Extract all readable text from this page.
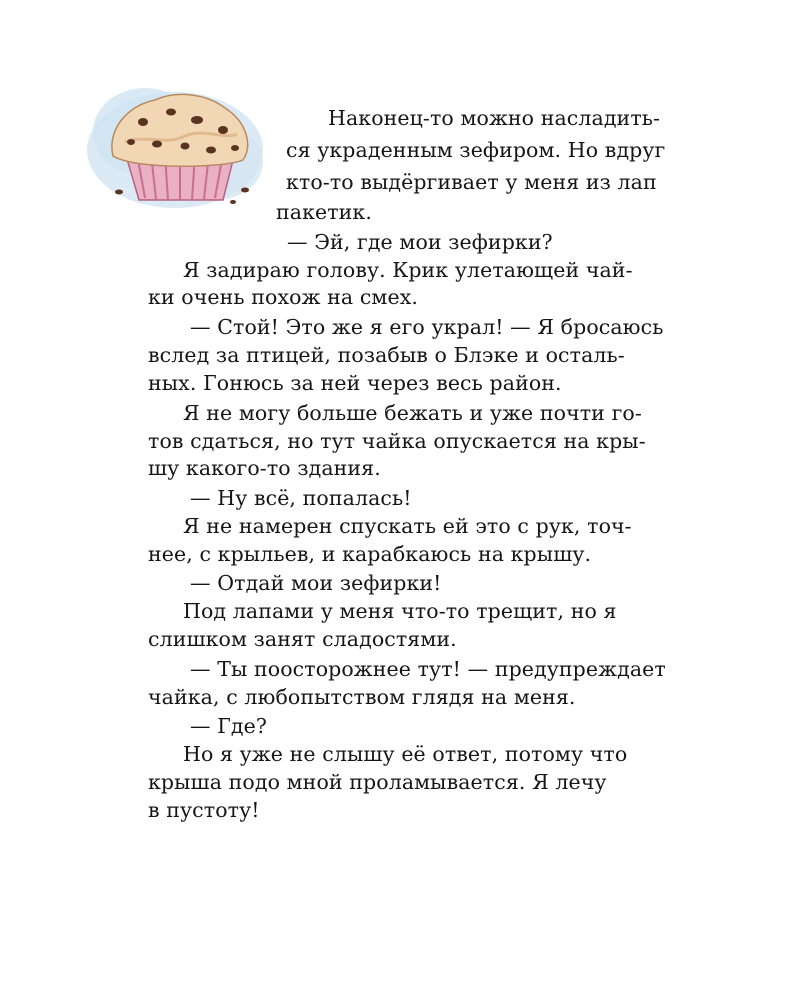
Наконец-то можно насладить-
ся украденным зефиром. Но вдруг
кто-то выдёргивает у меня из лап
пакетик.
— Эй, где мои зефирки?
Я задираю голову. Крик улетающей чай-
ки очень похож на смех.
— Стой! Это же я его украл! — Я бросаюсь
вслед за птицей, позабыв о Блэке и осталь-
ных. Гонюсь за ней через весь район.
Я не могу больше бежать и уже почти го-
тов сдаться, но тут чайка опускается на кры-
шу какого-то здания.
— Ну всё, попалась!
Я не намерен спускать ей это с рук, точ-
нее, с крыльев, и карабкаюсь на крышу.
— Отдай мои зефирки!
Под лапами у меня что-то трещит, но я
слишком занят сладостями.
— Ты поосторожнее тут! — предупреждает
чайка, с любопытством глядя на меня.
— Где?
Но я уже не слышу её ответ, потому что
крыша подо мной проламывается. Я лечу
в пустоту!
